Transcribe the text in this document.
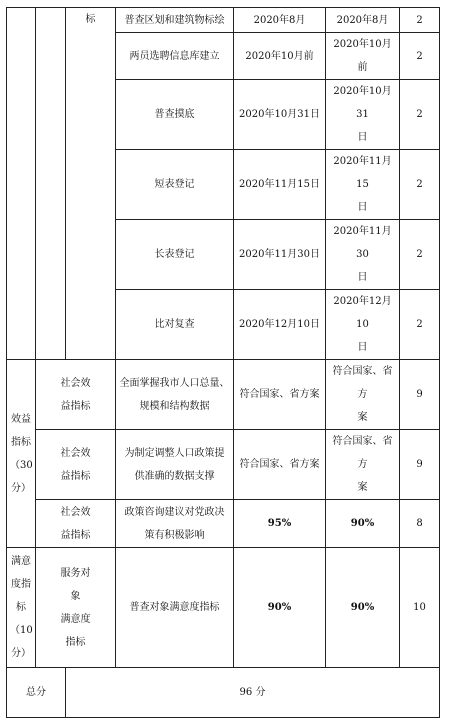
		标	普查区划和建筑物标绘	2020年8月	2020年8月	2
			两员选聘信息库建立	2020年10月前	2020年10月前	2
			普查摸底	2020年10月31日	2020年10月31
日	2
			短表登记	2020年11月15日	2020年11月15
日	2
			长表登记	2020年11月30日	2020年11月30
日	2
			比对复查	2020年12月10日	2020年12月10
日	2

效益
指标
（30
分）	社会效
益指标		全面掌握我市人口总量、
规模和结构数据	符合国家、省方案	符合国家、省方
案	9

	社会效
益指标		为制定调整人口政策提
供准确的数据支撑	符合国家、省方案	符合国家、省方
案	9

	社会效
益指标		政策咨询建议对党政决
策有积极影响	95%	90%	8

满意
度指
标
（10
分）	服务对
象
满意度
指标		普查对象满意度指标	90%	90%	10
总分		96 分				
